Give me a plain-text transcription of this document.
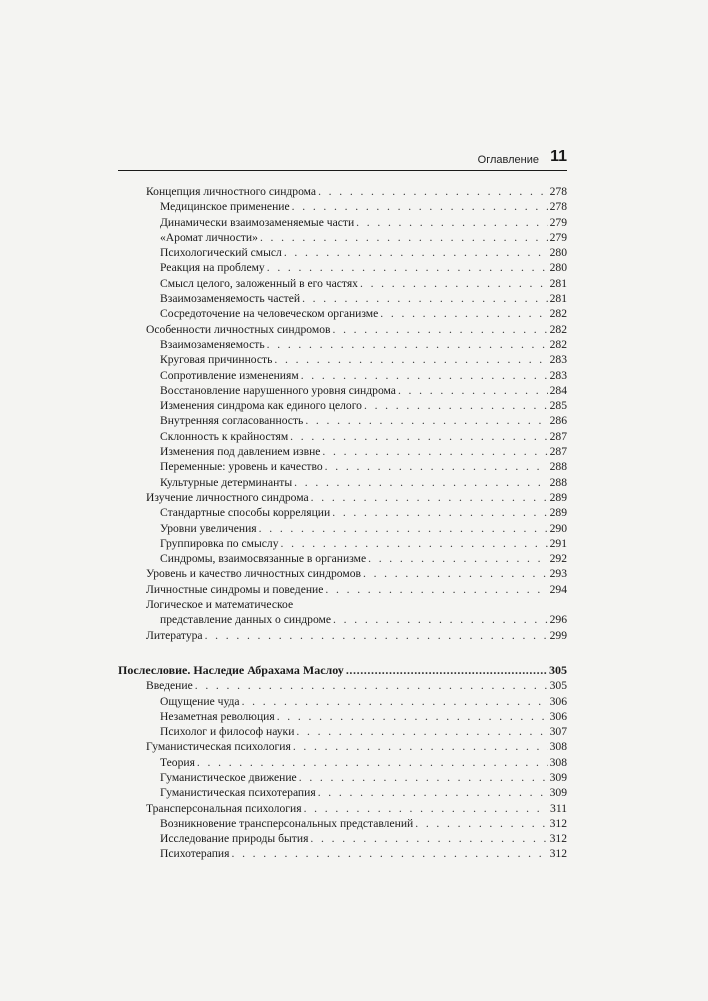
Оглавление 11
Концепция личностного синдрома . . .	278
Медицинское применение . . .	278
Динамически взаимозаменяемые части . . .	279
«Аромат личности» . . .	279
Психологический смысл . . .	280
Реакция на проблему . . .	280
Смысл целого, заложенный в его частях . . .	281
Взаимозаменяемость частей . . .	281
Сосредоточение на человеческом организме . . .	282
Особенности личностных синдромов . . .	282
Взаимозаменяемость . . .	282
Круговая причинность . . .	283
Сопротивление изменениям . . .	283
Восстановление нарушенного уровня синдрома . . .	284
Изменения синдрома как единого целого . . .	285
Внутренняя согласованность . . .	286
Склонность к крайностям . . .	287
Изменения под давлением извне . . .	287
Переменные: уровень и качество . . .	288
Культурные детерминанты . . .	288
Изучение личностного синдрома . . .	289
Стандартные способы корреляции . . .	289
Уровни увеличения . . .	290
Группировка по смыслу . . .	291
Синдромы, взаимосвязанные в организме . . .	292
Уровень и качество личностных синдромов . . .	293
Личностные синдромы и поведение . . .	294
Логическое и математическое
представление данных о синдроме . . .	296
Литература . . .	299
Послесловие. Наследие Абрахама Маслоу .....	305
Введение . . .	305
Ощущение чуда . . .	306
Незаметная революция . . .	306
Психолог и философ науки . . .	307
Гуманистическая психология . . .	308
Теория . . .	308
Гуманистическое движение . . .	309
Гуманистическая психотерапия . . .	309
Трансперсональная психология . . .	311
Возникновение трансперсональных представлений . . .	312
Исследование природы бытия . . .	312
Психотерапия . . .	312
